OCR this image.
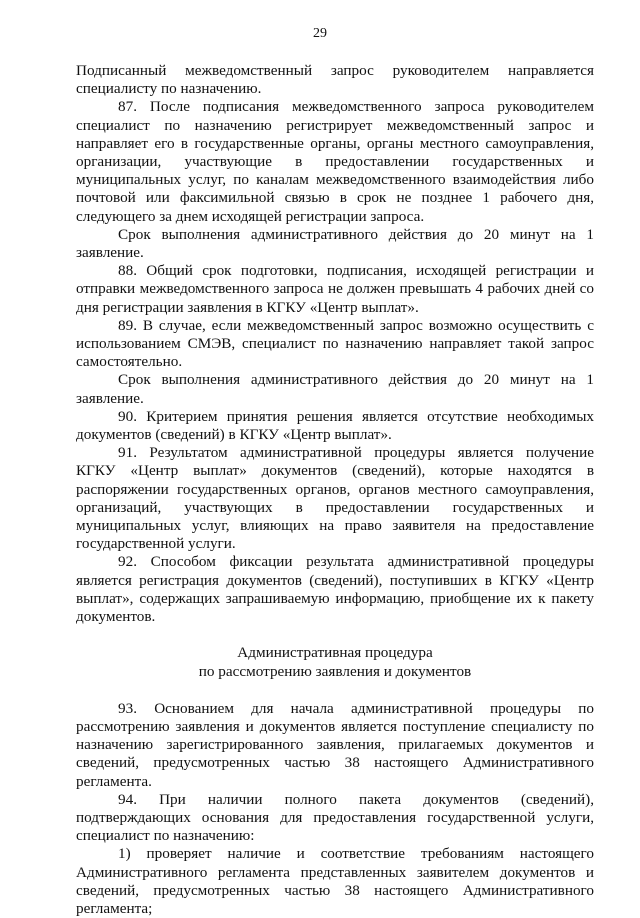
29

Подписанный межведомственный запрос руководителем направляется специалисту по назначению.

87. После подписания межведомственного запроса руководителем специалист по назначению регистрирует межведомственный запрос и направляет его в государственные органы, органы местного самоуправления, организации, участвующие в предоставлении государственных и муниципальных услуг, по каналам межведомственного взаимодействия либо почтовой или факсимильной связью в срок не позднее 1 рабочего дня, следующего за днем исходящей регистрации запроса.

Срок выполнения административного действия до 20 минут на 1 заявление.

88. Общий срок подготовки, подписания, исходящей регистрации и отправки межведомственного запроса не должен превышать 4 рабочих дней со дня регистрации заявления в КГКУ «Центр выплат».

89. В случае, если межведомственный запрос возможно осуществить с использованием СМЭВ, специалист по назначению направляет такой запрос самостоятельно.

Срок выполнения административного действия до 20 минут на 1 заявление.

90. Критерием принятия решения является отсутствие необходимых документов (сведений) в КГКУ «Центр выплат».

91. Результатом административной процедуры является получение КГКУ «Центр выплат» документов (сведений), которые находятся в распоряжении государственных органов, органов местного самоуправления, организаций, участвующих в предоставлении государственных и муниципальных услуг, влияющих на право заявителя на предоставление государственной услуги.

92. Способом фиксации результата административной процедуры является регистрация документов (сведений), поступивших в КГКУ «Центр выплат», содержащих запрашиваемую информацию, приобщение их к пакету документов.

Административная процедура
по рассмотрению заявления и документов

93. Основанием для начала административной процедуры по рассмотрению заявления и документов является поступление специалисту по назначению зарегистрированного заявления, прилагаемых документов и сведений, предусмотренных частью 38 настоящего Административного регламента.

94. При наличии полного пакета документов (сведений), подтверждающих основания для предоставления государственной услуги, специалист по назначению:

1) проверяет наличие и соответствие требованиям настоящего Административного регламента представленных заявителем документов и сведений, предусмотренных частью 38 настоящего Административного регламента;
